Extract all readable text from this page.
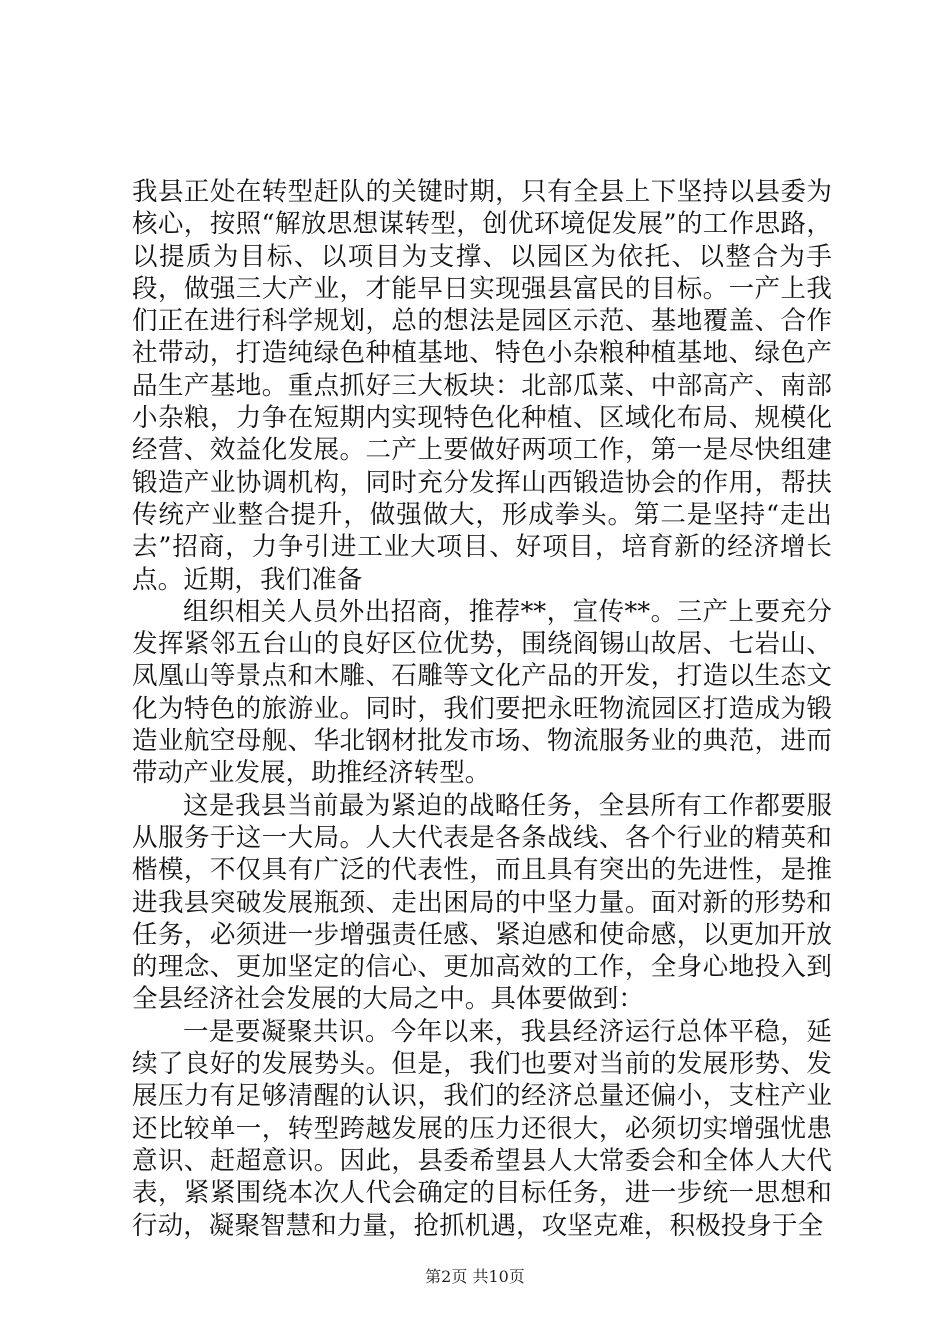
我县正处在转型赶队的关键时期，只有全县上下坚持以县委为核心，按照“解放思想谋转型，创优环境促发展”的工作思路，以提质为目标、以项目为支撑、以园区为依托、以整合为手段，做强三大产业，才能早日实现强县富民的目标。一产上我们正在进行科学规划，总的想法是园区示范、基地覆盖、合作社带动，打造纯绿色种植基地、特色小杂粮种植基地、绿色产品生产基地。重点抓好三大板块：北部瓜菜、中部高产、南部小杂粮，力争在短期内实现特色化种植、区域化布局、规模化经营、效益化发展。二产上要做好两项工作，第一是尽快组建锻造产业协调机构，同时充分发挥山西锻造协会的作用，帮扶传统产业整合提升，做强做大，形成拳头。第二是坚持“走出去”招商，力争引进工业大项目、好项目，培育新的经济增长点。近期，我们准备

组织相关人员外出招商，推荐**，宣传**。三产上要充分发挥紧邻五台山的良好区位优势，围绕阎锡山故居、七岩山、凤凰山等景点和木雕、石雕等文化产品的开发，打造以生态文化为特色的旅游业。同时，我们要把永旺物流园区打造成为锻造业航空母舰、华北钢材批发市场、物流服务业的典范，进而带动产业发展，助推经济转型。

这是我县当前最为紧迫的战略任务，全县所有工作都要服从服务于这一大局。人大代表是各条战线、各个行业的精英和楷模，不仅具有广泛的代表性，而且具有突出的先进性，是推进我县突破发展瓶颈、走出困局的中坚力量。面对新的形势和任务，必须进一步增强责任感、紧迫感和使命感，以更加开放的理念、更加坚定的信心、更加高效的工作，全身心地投入到全县经济社会发展的大局之中。具体要做到：

一是要凝聚共识。今年以来，我县经济运行总体平稳，延续了良好的发展势头。但是，我们也要对当前的发展形势、发展压力有足够清醒的认识，我们的经济总量还偏小，支柱产业还比较单一，转型跨越发展的压力还很大，必须切实增强忧患意识、赶超意识。因此，县委希望县人大常委会和全体人大代表，紧紧围绕本次人代会确定的目标任务，进一步统一思想和行动，凝聚智慧和力量，抢抓机遇，攻坚克难，积极投身于全

第2页 共10页
